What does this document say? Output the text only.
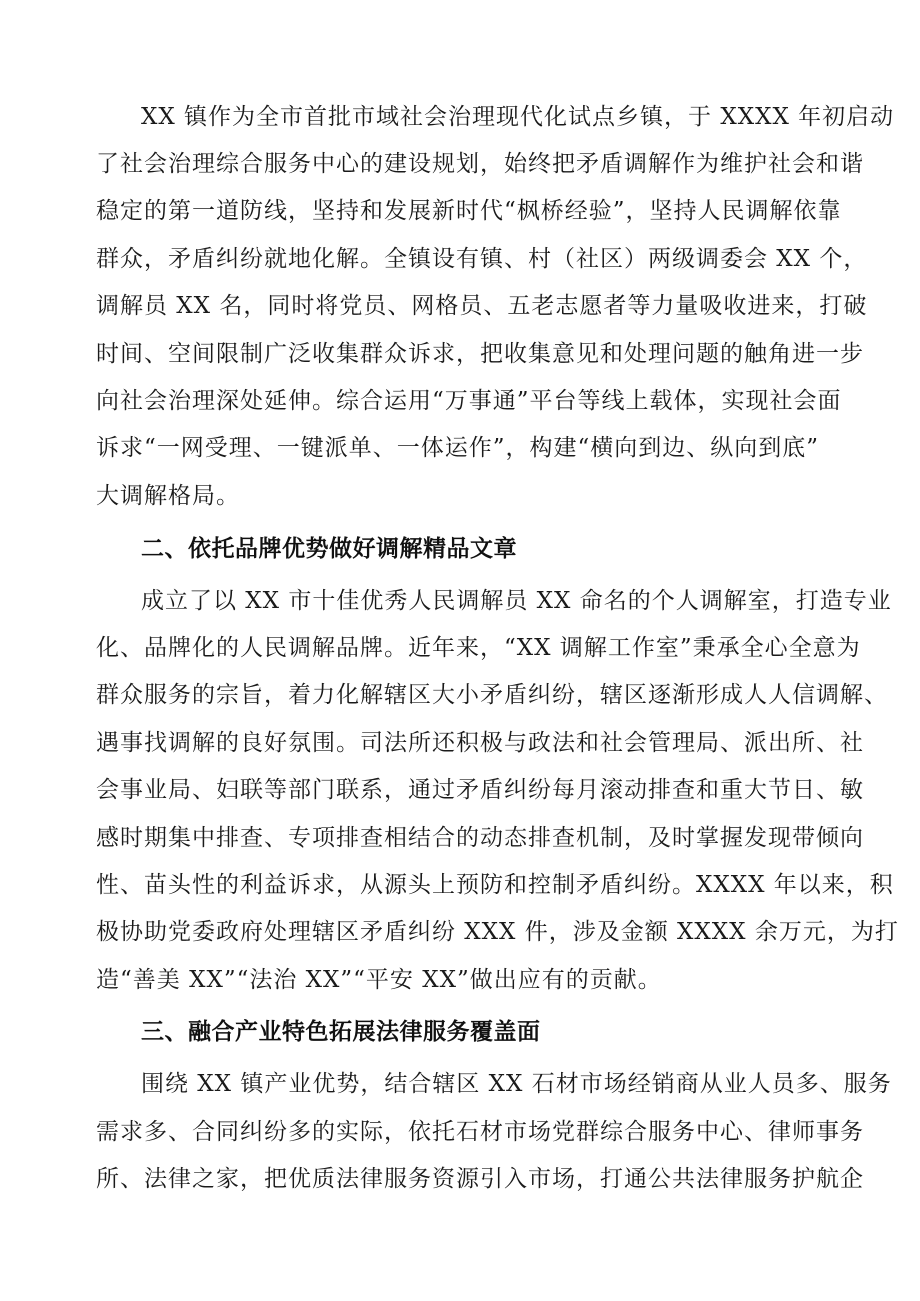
XX 镇作为全市首批市域社会治理现代化试点乡镇，于 XXXX 年初启动
了社会治理综合服务中心的建设规划，始终把矛盾调解作为维护社会和谐
稳定的第一道防线，坚持和发展新时代“枫桥经验”，坚持人民调解依靠
群众，矛盾纠纷就地化解。全镇设有镇、村（社区）两级调委会 XX 个，
调解员 XX 名，同时将党员、网格员、五老志愿者等力量吸收进来，打破
时间、空间限制广泛收集群众诉求，把收集意见和处理问题的触角进一步
向社会治理深处延伸。综合运用“万事通”平台等线上载体，实现社会面
诉求“一网受理、一键派单、一体运作”，构建“横向到边、纵向到底”
大调解格局。
二、依托品牌优势做好调解精品文章
成立了以 XX 市十佳优秀人民调解员 XX 命名的个人调解室，打造专业
化、品牌化的人民调解品牌。近年来，“XX 调解工作室”秉承全心全意为
群众服务的宗旨，着力化解辖区大小矛盾纠纷，辖区逐渐形成人人信调解、
遇事找调解的良好氛围。司法所还积极与政法和社会管理局、派出所、社
会事业局、妇联等部门联系，通过矛盾纠纷每月滚动排查和重大节日、敏
感时期集中排查、专项排查相结合的动态排查机制，及时掌握发现带倾向
性、苗头性的利益诉求，从源头上预防和控制矛盾纠纷。XXXX 年以来，积
极协助党委政府处理辖区矛盾纠纷 XXX 件，涉及金额 XXXX 余万元，为打
造“善美 XX”“法治 XX”“平安 XX”做出应有的贡献。
三、融合产业特色拓展法律服务覆盖面
围绕 XX 镇产业优势，结合辖区 XX 石材市场经销商从业人员多、服务
需求多、合同纠纷多的实际，依托石材市场党群综合服务中心、律师事务
所、法律之家，把优质法律服务资源引入市场，打通公共法律服务护航企
